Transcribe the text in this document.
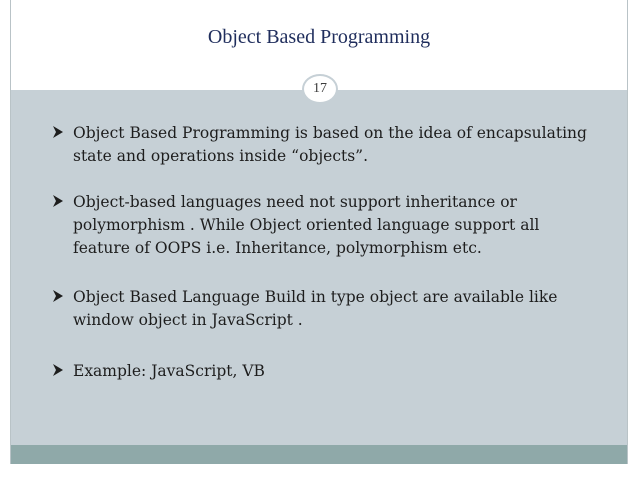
Object Based Programming
17
Object Based Programming is based on the idea of encapsulating
state and operations inside “objects”.
Object-based languages need not support inheritance or
polymorphism . While Object oriented language support all
feature of OOPS i.e. Inheritance, polymorphism etc.
Object Based Language Build in type object are available like
window object in JavaScript .
Example: JavaScript, VB
